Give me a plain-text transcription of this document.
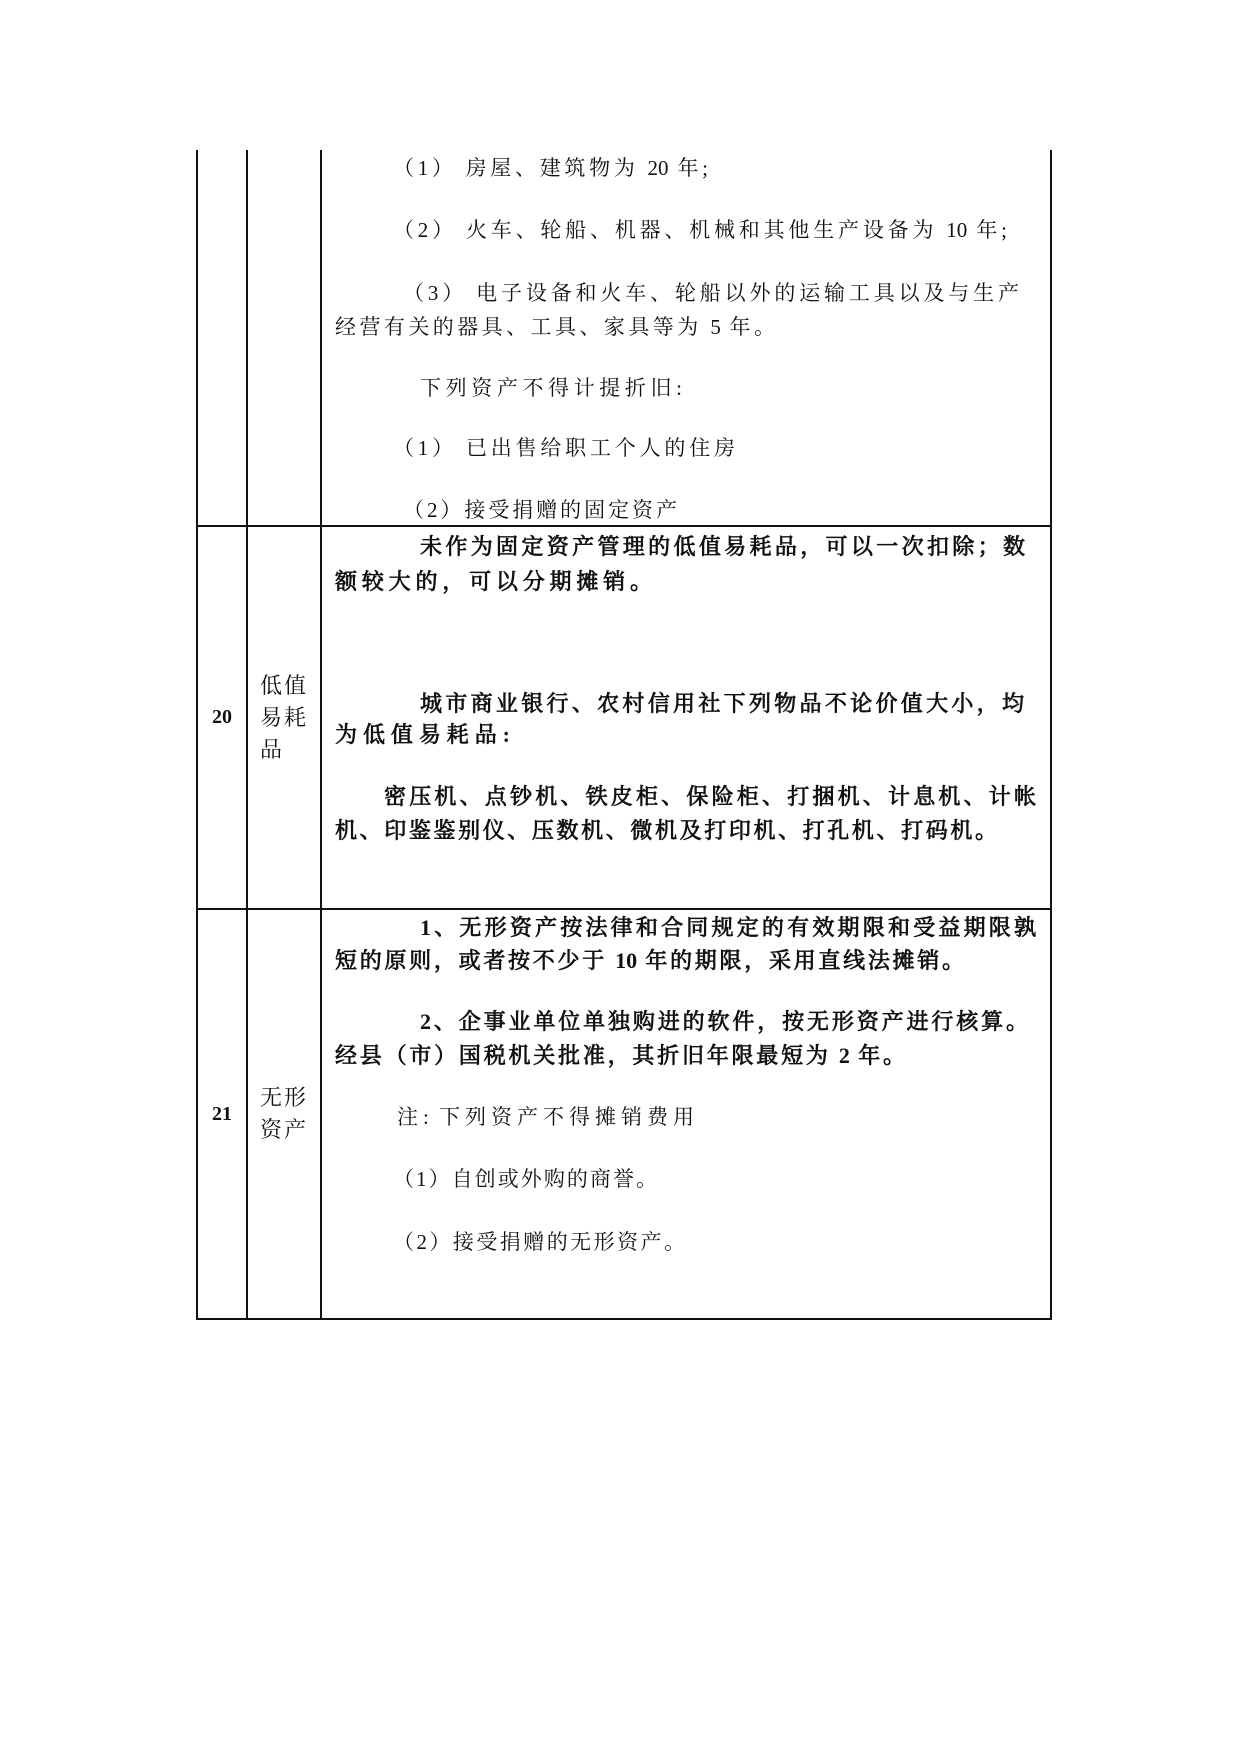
（1） 房屋、建筑物为 20 年;
（2） 火车、轮船、机器、机械和其他生产设备为 10 年;
（3） 电子设备和火车、轮船以外的运输工具以及与生产
经营有关的器具、工具、家具等为 5 年。
下列资产不得计提折旧:
（1） 已出售给职工个人的住房
（2）接受捐赠的固定资产
20
低值
易耗
品
未作为固定资产管理的低值易耗品，可以一次扣除；数
额较大的，可以分期摊销。
城市商业银行、农村信用社下列物品不论价值大小，均
为低值易耗品:
密压机、点钞机、铁皮柜、保险柜、打捆机、计息机、计帐
机、印鉴鉴别仪、压数机、微机及打印机、打孔机、打码机。
21
无形
资产
1、无形资产按法律和合同规定的有效期限和受益期限孰
短的原则，或者按不少于 10 年的期限，采用直线法摊销。
2、企事业单位单独购进的软件，按无形资产进行核算。
经县（市）国税机关批准，其折旧年限最短为 2 年。
注: 下列资产不得摊销费用
（1）自创或外购的商誉。
（2）接受捐赠的无形资产。
